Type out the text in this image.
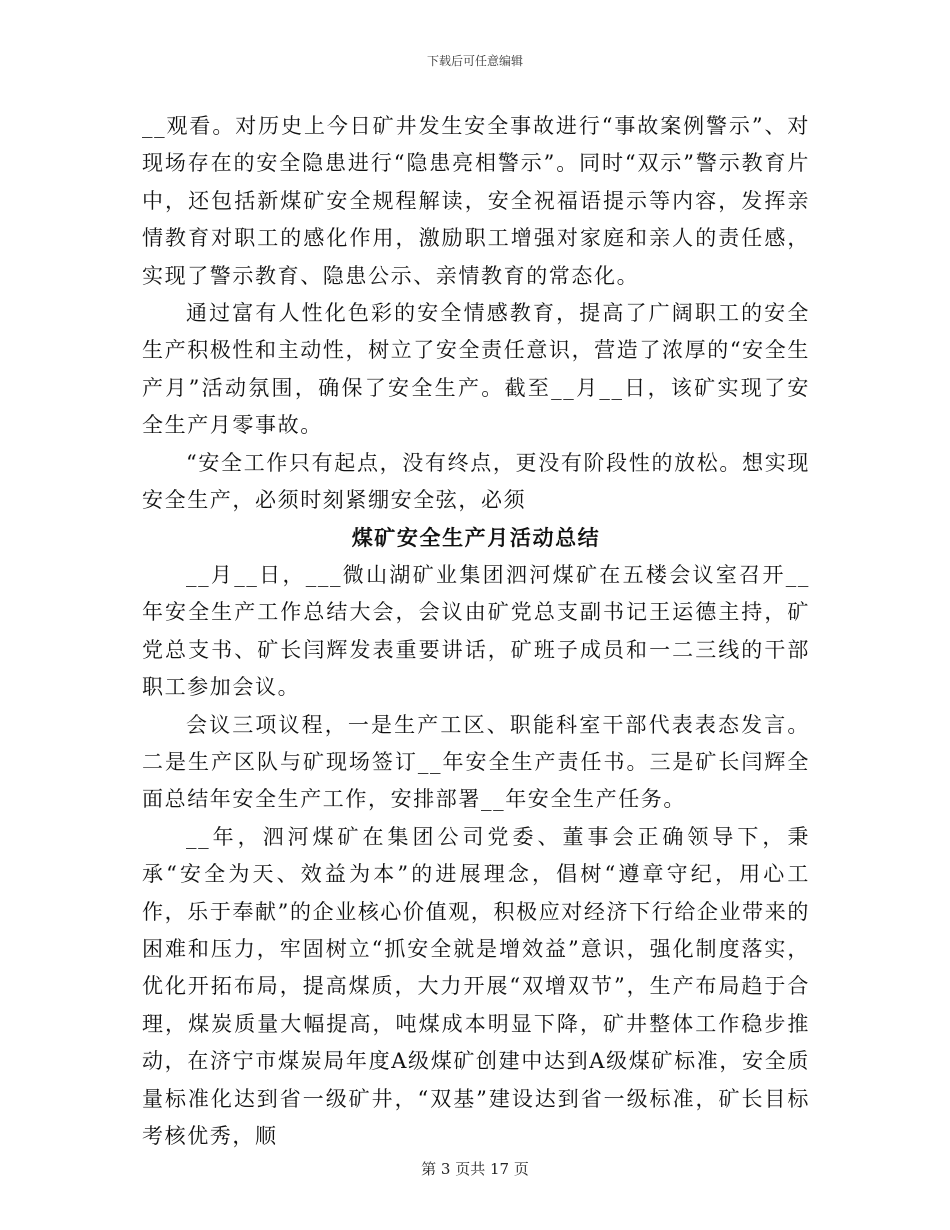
下载后可任意编辑

__观看。对历史上今日矿井发生安全事故进行“事故案例警示”、对现场存在的安全隐患进行“隐患亮相警示”。同时“双示”警示教育片中，还包括新煤矿安全规程解读，安全祝福语提示等内容，发挥亲情教育对职工的感化作用，激励职工增强对家庭和亲人的责任感，实现了警示教育、隐患公示、亲情教育的常态化。

通过富有人性化色彩的安全情感教育，提高了广阔职工的安全生产积极性和主动性，树立了安全责任意识，营造了浓厚的“安全生产月”活动氛围，确保了安全生产。截至__月__日，该矿实现了安全生产月零事故。

“安全工作只有起点，没有终点，更没有阶段性的放松。想实现安全生产，必须时刻紧绷安全弦，必须

煤矿安全生产月活动总结

__月__日，___微山湖矿业集团泗河煤矿在五楼会议室召开__年安全生产工作总结大会，会议由矿党总支副书记王运德主持，矿党总支书、矿长闫辉发表重要讲话，矿班子成员和一二三线的干部职工参加会议。

会议三项议程，一是生产工区、职能科室干部代表表态发言。二是生产区队与矿现场签订__年安全生产责任书。三是矿长闫辉全面总结年安全生产工作，安排部署__年安全生产任务。

__年，泗河煤矿在集团公司党委、董事会正确领导下，秉承“安全为天、效益为本”的进展理念，倡树“遵章守纪，用心工作，乐于奉献”的企业核心价值观，积极应对经济下行给企业带来的困难和压力，牢固树立“抓安全就是增效益”意识，强化制度落实，优化开拓布局，提高煤质，大力开展“双增双节”，生产布局趋于合理，煤炭质量大幅提高，吨煤成本明显下降，矿井整体工作稳步推动，在济宁市煤炭局年度A级煤矿创建中达到A级煤矿标准，安全质量标准化达到省一级矿井，“双基”建设达到省一级标准，矿长目标考核优秀，顺

第 3 页共 17 页
